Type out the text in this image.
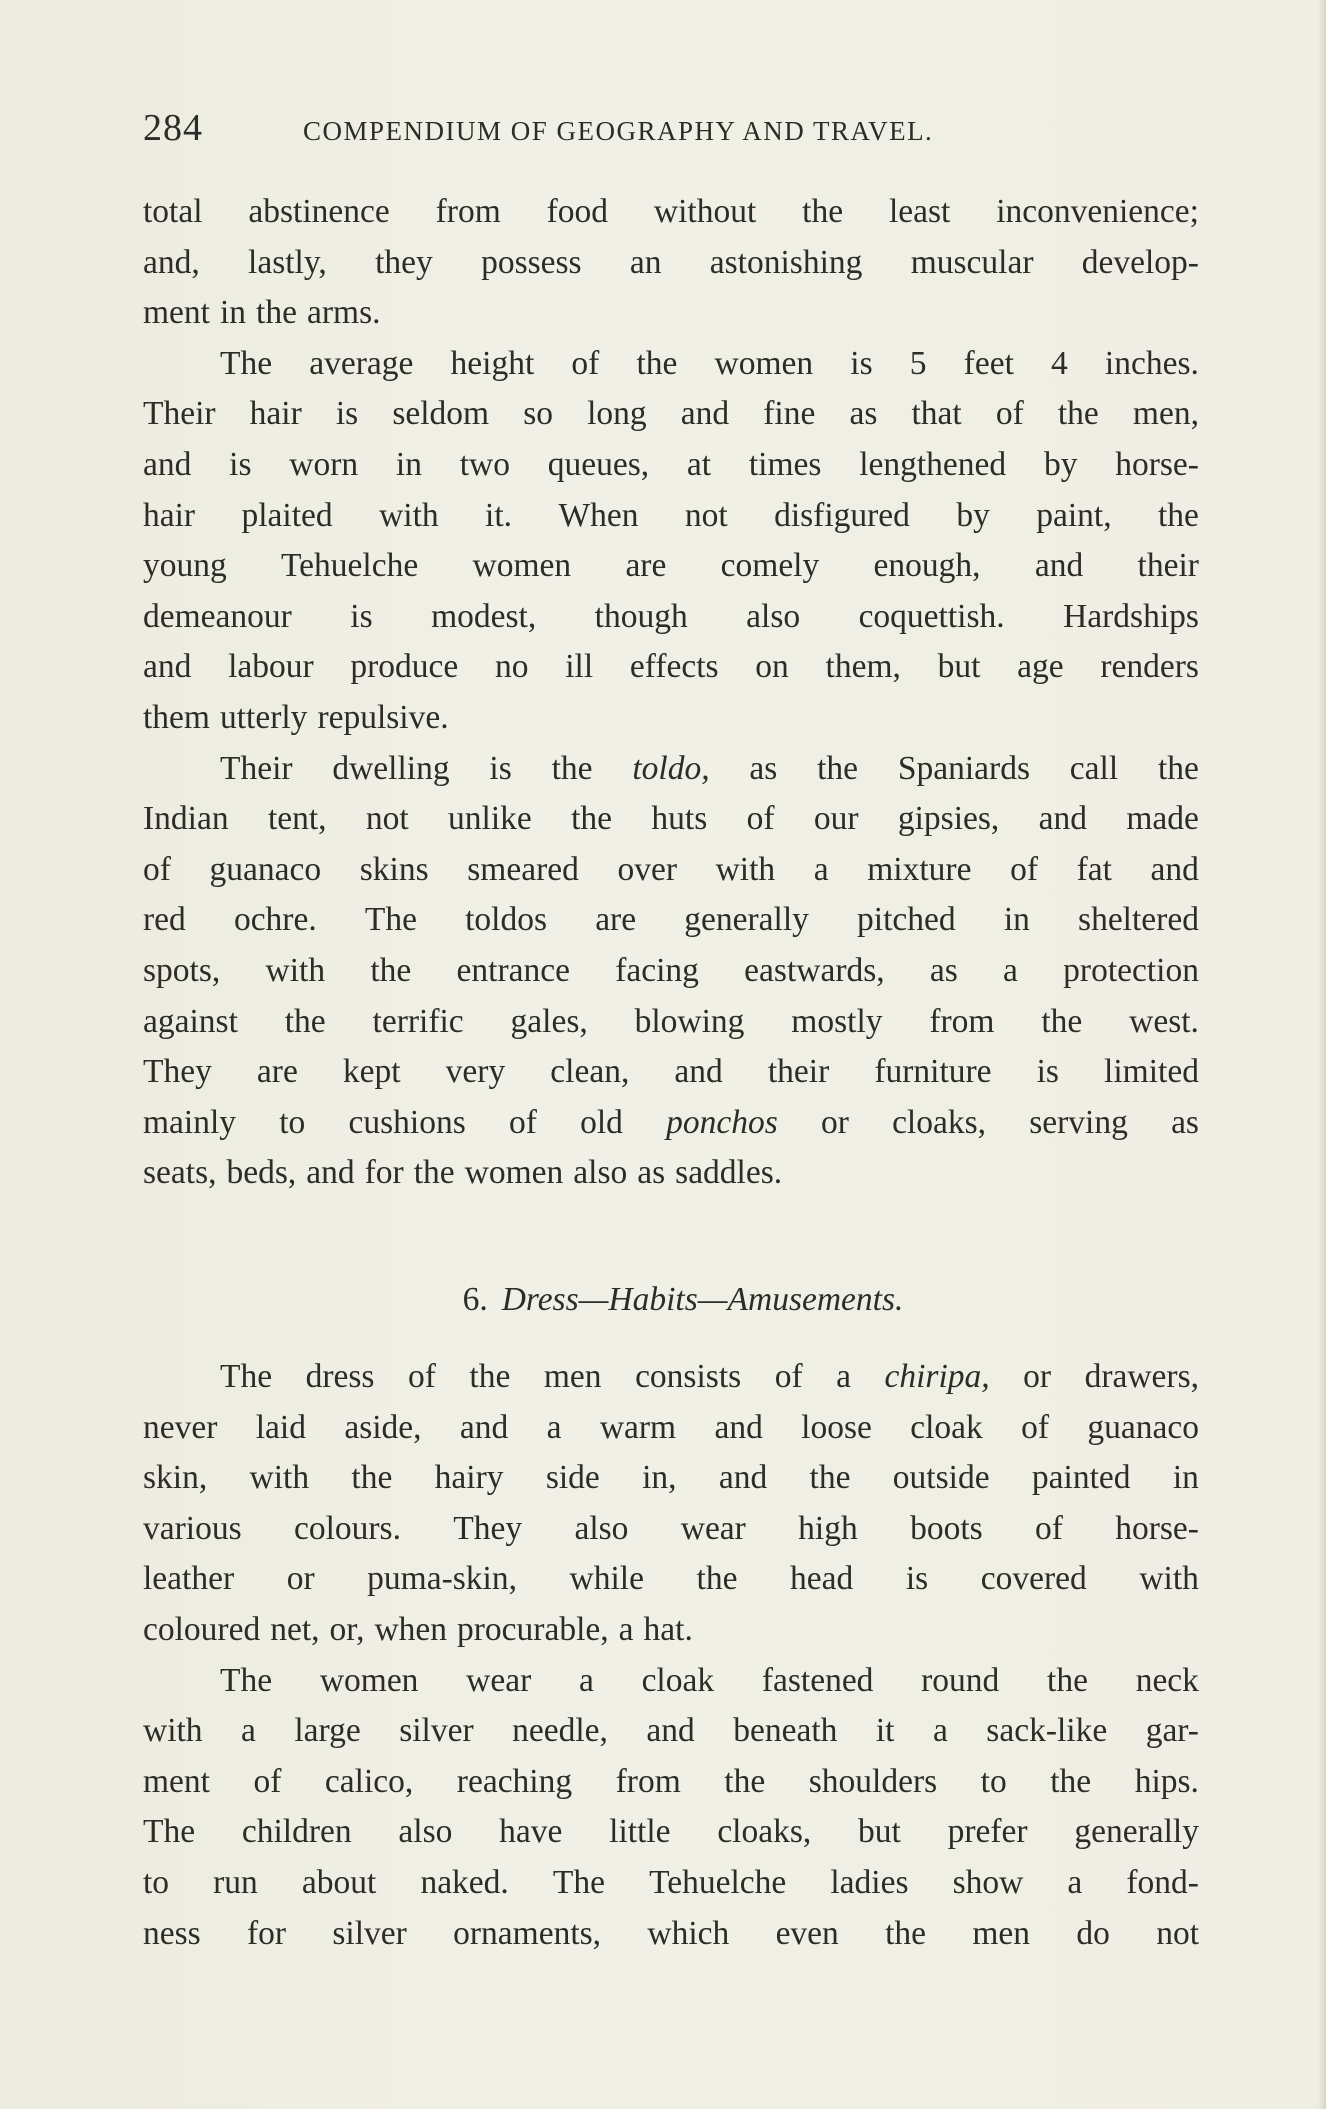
284	COMPENDIUM OF GEOGRAPHY AND TRAVEL.
total abstinence from food without the least inconvenience;
and, lastly, they possess an astonishing muscular develop-
ment in the arms.
The average height of the women is 5 feet 4 inches.
Their hair is seldom so long and fine as that of the men,
and is worn in two queues, at times lengthened by horse-
hair plaited with it. When not disfigured by paint, the
young Tehuelche women are comely enough, and their
demeanour is modest, though also coquettish. Hardships
and labour produce no ill effects on them, but age renders
them utterly repulsive.
Their dwelling is the toldo, as the Spaniards call the
Indian tent, not unlike the huts of our gipsies, and made
of guanaco skins smeared over with a mixture of fat and
red ochre. The toldos are generally pitched in sheltered
spots, with the entrance facing eastwards, as a protection
against the terrific gales, blowing mostly from the west.
They are kept very clean, and their furniture is limited
mainly to cushions of old ponchos or cloaks, serving as
seats, beds, and for the women also as saddles.
6. Dress—Habits—Amusements.
The dress of the men consists of a chiripa, or drawers,
never laid aside, and a warm and loose cloak of guanaco
skin, with the hairy side in, and the outside painted in
various colours. They also wear high boots of horse-
leather or puma-skin, while the head is covered with
coloured net, or, when procurable, a hat.
The women wear a cloak fastened round the neck
with a large silver needle, and beneath it a sack-like gar-
ment of calico, reaching from the shoulders to the hips.
The children also have little cloaks, but prefer generally
to run about naked. The Tehuelche ladies show a fond-
ness for silver ornaments, which even the men do not
